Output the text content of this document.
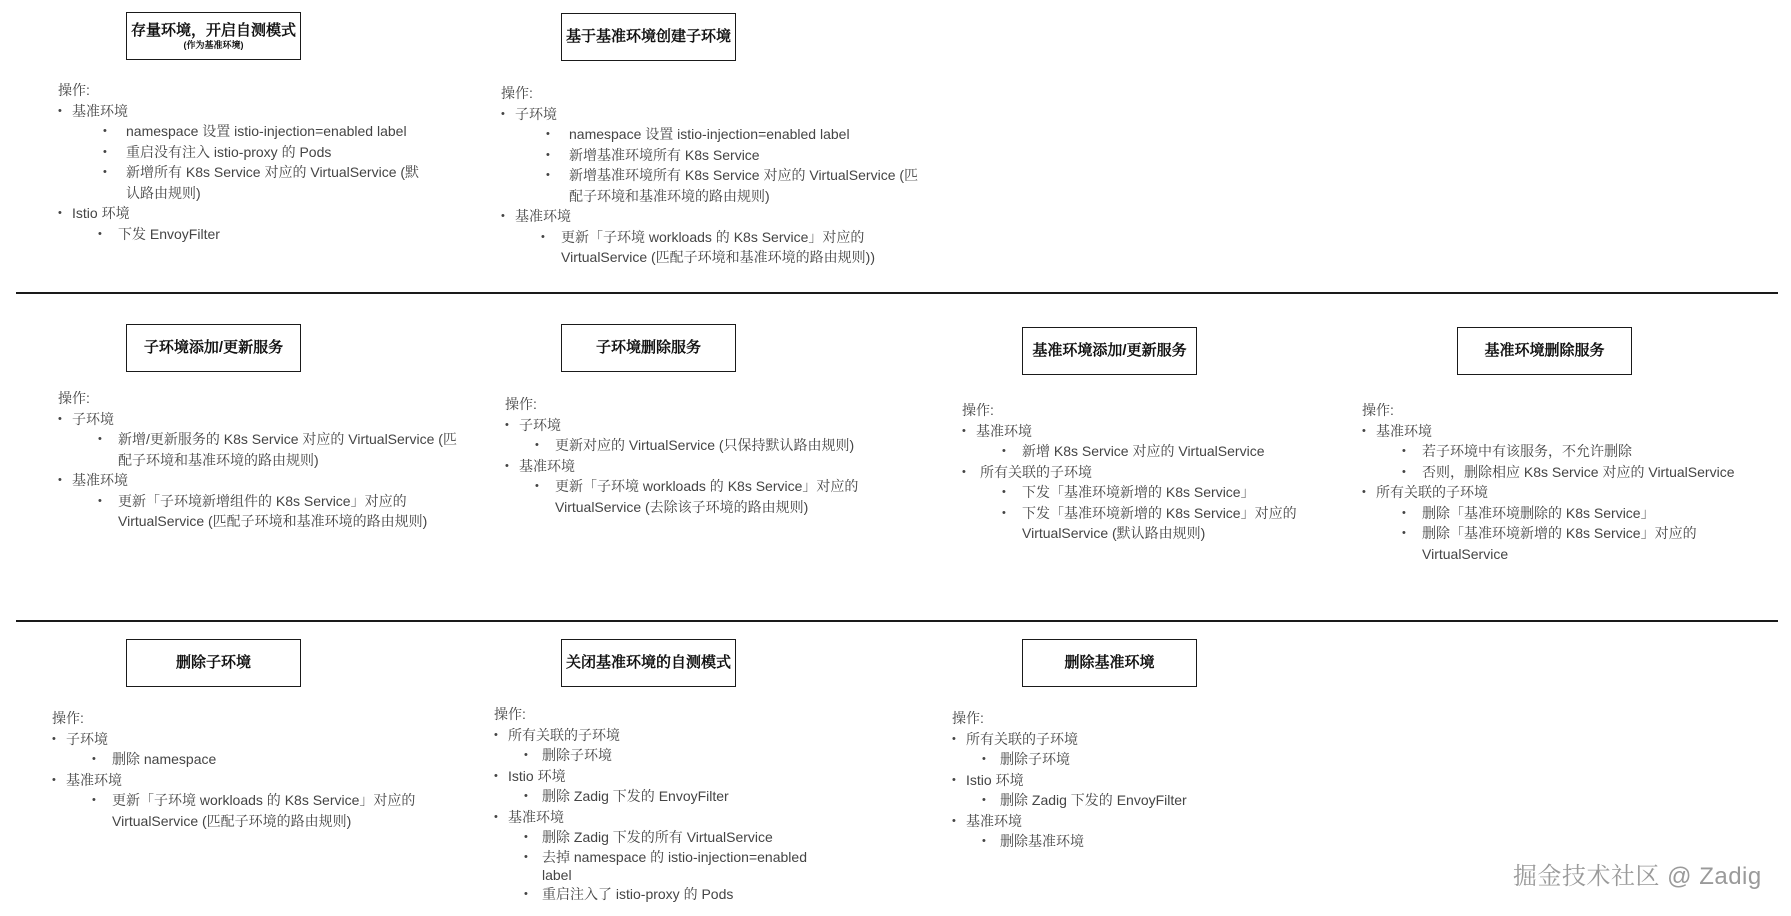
存量环境，开启自测模式
(作为基准环境)
操作:
• 基准环境
• namespace 设置 istio-injection=enabled label
• 重启没有注入 istio-proxy 的 Pods
• 新增所有 K8s Service 对应的 VirtualService (默
认路由规则)
• Istio 环境
• 下发 EnvoyFilter
基于基准环境创建子环境
操作:
• 子环境
• namespace 设置 istio-injection=enabled label
• 新增基准环境所有 K8s Service
• 新增基准环境所有 K8s Service 对应的 VirtualService (匹
配子环境和基准环境的路由规则)
• 基准环境
• 更新「子环境 workloads 的 K8s Service」对应的
VirtualService (匹配子环境和基准环境的路由规则))
子环境添加/更新服务
操作:
• 子环境
• 新增/更新服务的 K8s Service 对应的 VirtualService (匹
配子环境和基准环境的路由规则)
• 基准环境
• 更新「子环境新增组件的 K8s Service」对应的
VirtualService (匹配子环境和基准环境的路由规则)
子环境删除服务
操作:
• 子环境
• 更新对应的 VirtualService (只保持默认路由规则)
• 基准环境
• 更新「子环境 workloads 的 K8s Service」对应的
VirtualService (去除该子环境的路由规则)
基准环境添加/更新服务
操作:
• 基准环境
• 新增 K8s Service 对应的 VirtualService
• 所有关联的子环境
• 下发「基准环境新增的 K8s Service」
• 下发「基准环境新增的 K8s Service」对应的
VirtualService (默认路由规则)
基准环境删除服务
操作:
• 基准环境
• 若子环境中有该服务，不允许删除
• 否则，删除相应 K8s Service 对应的 VirtualService
• 所有关联的子环境
• 删除「基准环境删除的 K8s Service」
• 删除「基准环境新增的 K8s Service」对应的
VirtualService
删除子环境
操作:
• 子环境
• 删除 namespace
• 基准环境
• 更新「子环境 workloads 的 K8s Service」对应的
VirtualService (匹配子环境的路由规则)
关闭基准环境的自测模式
操作:
• 所有关联的子环境
• 删除子环境
• Istio 环境
• 删除 Zadig 下发的 EnvoyFilter
• 基准环境
• 删除 Zadig 下发的所有 VirtualService
• 去掉 namespace 的 istio-injection=enabled
label
• 重启注入了 istio-proxy 的 Pods
删除基准环境
操作:
• 所有关联的子环境
• 删除子环境
• Istio 环境
• 删除 Zadig 下发的 EnvoyFilter
• 基准环境
• 删除基准环境
掘金技术社区 @ Zadig
